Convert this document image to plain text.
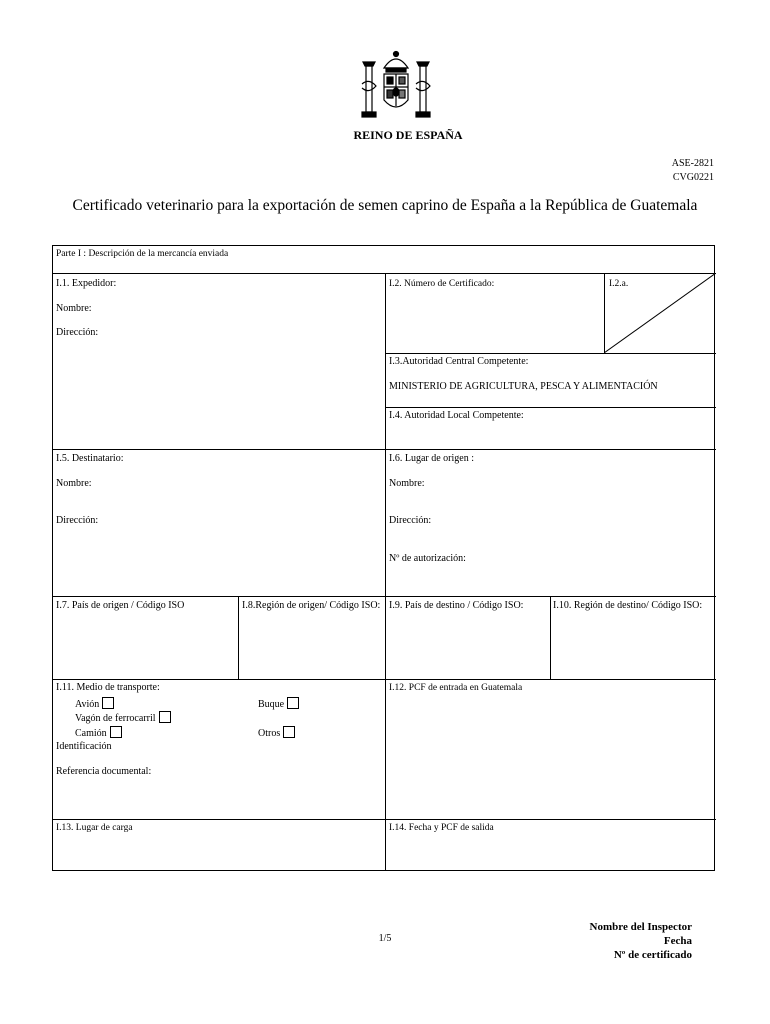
REINO DE ESPAÑA
ASE-2821
CVG0221
Certificado veterinario para la exportación de semen caprino de España a la República de Guatemala
Parte I : Descripción de la mercancía enviada
I.1. Expedidor:
Nombre:
Dirección:
I.2. Número de Certificado:	I.2.a.
I.3.Autoridad Central Competente:
MINISTERIO DE AGRICULTURA, PESCA Y ALIMENTACIÓN
I.4. Autoridad Local Competente:
I.5. Destinatario:
Nombre:
Dirección:
I.6. Lugar de origen :
Nombre:
Dirección:
Nº de autorización:
I.7. País de origen / Código ISO	I.8.Región de origen/ Código ISO: I.9. País de destino / Código ISO:	I.10. Región de destino/ Código ISO:
I.11. Medio de transporte:
Avión	Buque
Vagón de ferrocarril
Camión	Otros
Identificación
Referencia documental:
I.12. PCF de entrada en Guatemala
I.13. Lugar de carga	I.14. Fecha y PCF de salida
1/5
Nombre del Inspector
Fecha
Nº de certificado
